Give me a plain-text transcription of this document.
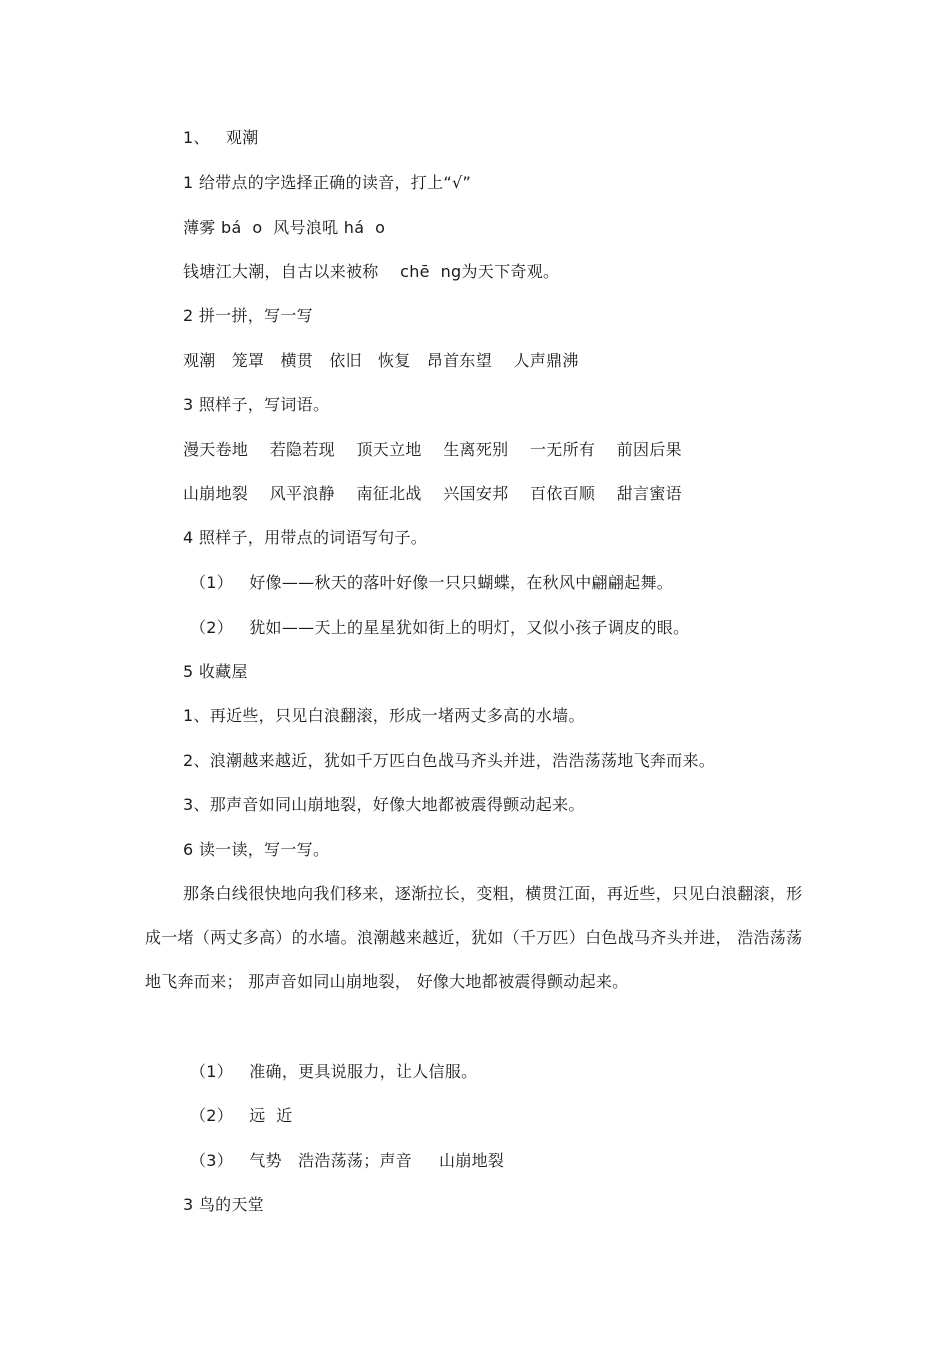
1、   观潮
1 给带点的字选择正确的读音，打上“√”
薄雾 bá  o  风号浪吼 há  o
钱塘江大潮，自古以来被称    chē  ng为天下奇观。
2 拼一拼，写一写
观潮   笼罩   横贯   依旧   恢复   昂首东望    人声鼎沸
3 照样子，写词语。
漫天卷地    若隐若现    顶天立地    生离死别    一无所有    前因后果
山崩地裂    风平浪静    南征北战    兴国安邦    百依百顺    甜言蜜语
4 照样子，用带点的词语写句子。
（1）   好像——秋天的落叶好像一只只蝴蝶，在秋风中翩翩起舞。
（2）   犹如——天上的星星犹如街上的明灯，又似小孩子调皮的眼。
5 收藏屋
1、再近些，只见白浪翻滚，形成一堵两丈多高的水墙。
2、浪潮越来越近，犹如千万匹白色战马齐头并进，浩浩荡荡地飞奔而来。
3、那声音如同山崩地裂，好像大地都被震得颤动起来。
6 读一读，写一写。
那条白线很快地向我们移来，逐渐拉长，变粗，横贯江面，再近些，只见白浪翻滚，形成一堵（两丈多高）的水墙。浪潮越来越近，犹如（千万匹）白色战马齐头并进， 浩浩荡荡地飞奔而来； 那声音如同山崩地裂， 好像大地都被震得颤动起来。
（1）   准确，更具说服力，让人信服。
（2）   远  近
（3）   气势   浩浩荡荡；声音     山崩地裂
3 鸟的天堂
